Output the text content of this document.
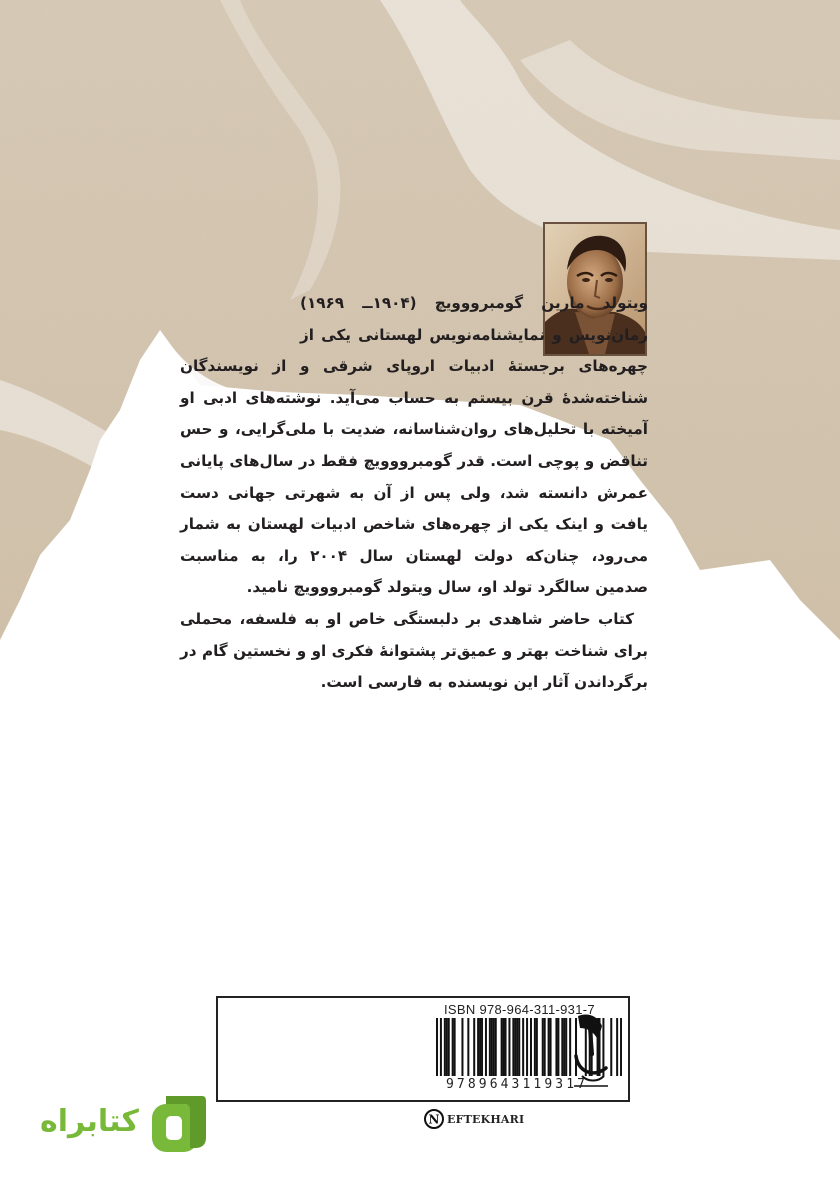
ویتولد مارین گومبرووویچ (۱۹۰۴ــ ۱۹۶۹) رمان‌نویس و نمایشنامه‌نویس لهستانی یکی از چهره‌های برجستهٔ ادبیات اروپای شرقی و از نویسندگان شناخته‌شدهٔ قرن بیستم به حساب می‌آید. نوشته‌های ادبی او آمیخته با تحلیل‌های روان‌شناسانه، ضدیت با ملی‌گرایی، و حس تناقض و پوچی است. قدر گومبرووویچ فقط در سال‌های پایانی عمرش دانسته شد، ولی پس از آن به شهرتی جهانی دست یافت و اینک یکی از چهره‌های شاخص ادبیات لهستان به شمار می‌رود، چنان‌که دولت لهستان سال ۲۰۰۴ را، به مناسبت صدمین سالگرد تولد او، سال ویتولد گومبرووویچ نامید.

کتاب حاضر شاهدی بر دلبستگی خاص او به فلسفه، محملی برای شناخت بهتر و عمیق‌تر پشتوانهٔ فکری او و نخستین گام در برگرداندن آثار این نویسنده به فارسی است.

ISBN 978-964-311-931-7
9789643119317
N EFTEKHARI
کتابراه
